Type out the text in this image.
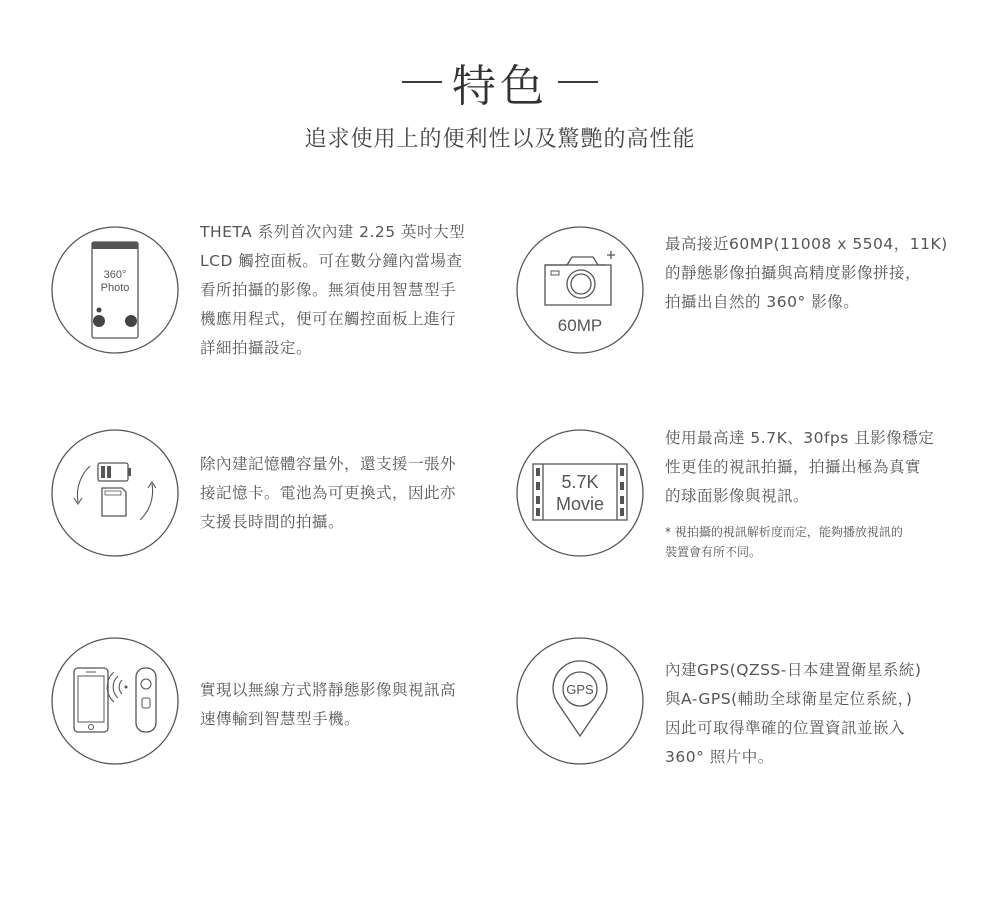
特色
追求使用上的便利性以及驚艷的高性能
360°
Photo
THETA 系列首次內建 2.25 英吋大型
LCD 觸控面板。可在數分鐘內當場查
看所拍攝的影像。無須使用智慧型手
機應用程式，便可在觸控面板上進行
詳細拍攝設定。
60MP
最高接近60MP(11008 x 5504，11K)
的靜態影像拍攝與高精度影像拼接，
拍攝出自然的 360° 影像。
除內建記憶體容量外，還支援一張外
接記憶卡。電池為可更換式，因此亦
支援長時間的拍攝。
5.7K
Movie
使用最高達 5.7K、30fps 且影像穩定
性更佳的視訊拍攝，拍攝出極為真實
的球面影像與視訊。
* 視拍攝的視訊解析度而定，能夠播放視訊的
裝置會有所不同。
實現以無線方式將靜態影像與視訊高
速傳輸到智慧型手機。
GPS
內建GPS(QZSS-日本建置衛星系統)
與A-GPS(輔助全球衛星定位系統，)
因此可取得準確的位置資訊並嵌入
360° 照片中。
